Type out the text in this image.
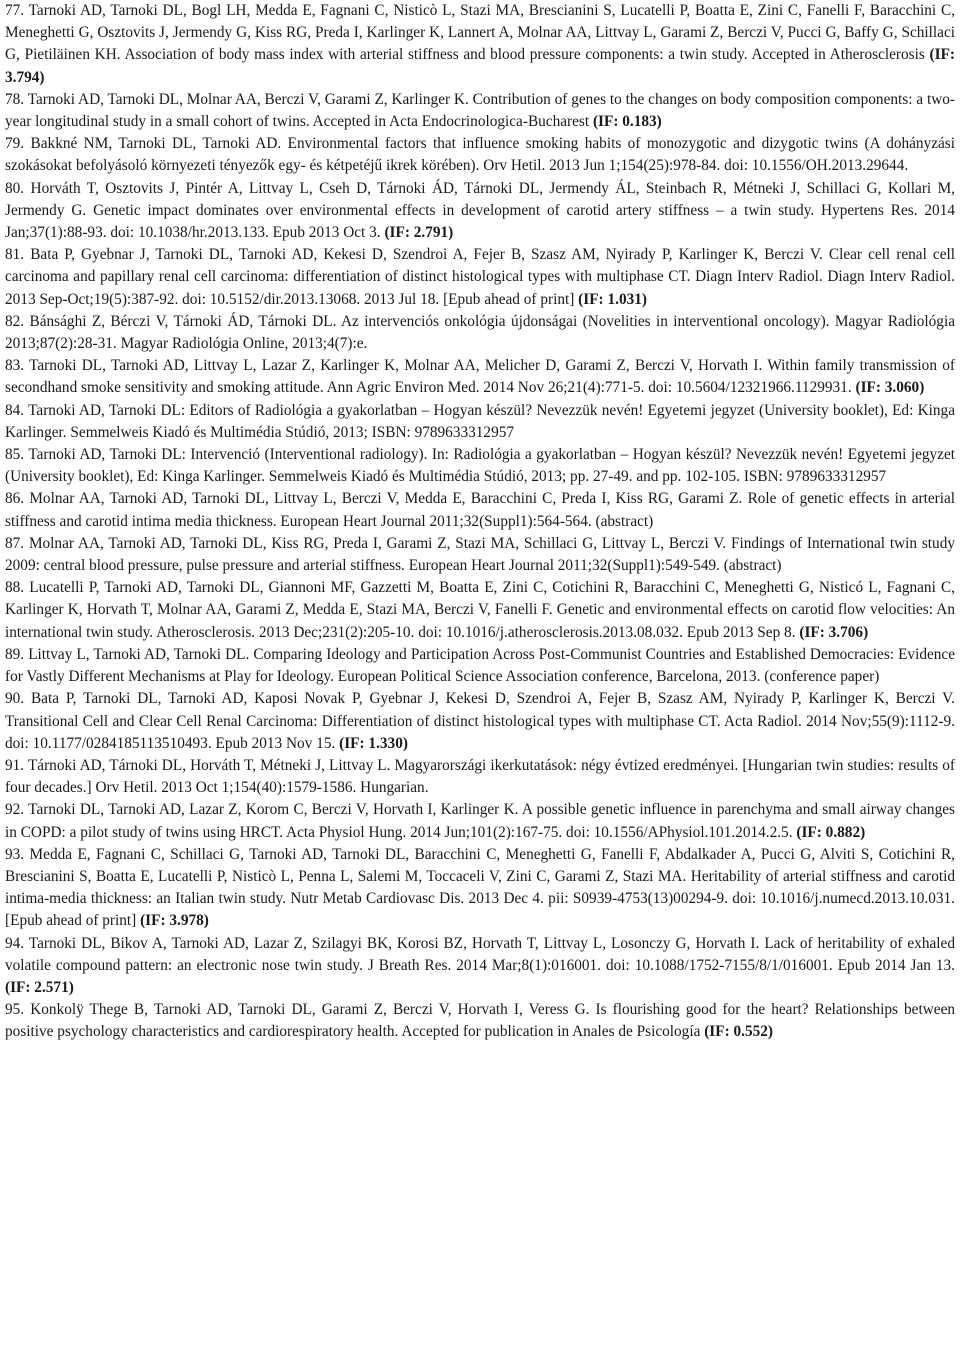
77. Tarnoki AD, Tarnoki DL, Bogl LH, Medda E, Fagnani C, Nisticò L, Stazi MA, Brescianini S, Lucatelli P, Boatta E, Zini C, Fanelli F, Baracchini C, Meneghetti G, Osztovits J, Jermendy G, Kiss RG, Preda I, Karlinger K, Lannert A, Molnar AA, Littvay L, Garami Z, Berczi V, Pucci G, Baffy G, Schillaci G, Pietiläinen KH. Association of body mass index with arterial stiffness and blood pressure components: a twin study. Accepted in Atherosclerosis (IF: 3.794)

78. Tarnoki AD, Tarnoki DL, Molnar AA, Berczi V, Garami Z, Karlinger K. Contribution of genes to the changes on body composition components: a two-year longitudinal study in a small cohort of twins. Accepted in Acta Endocrinologica-Bucharest (IF: 0.183)

79. Bakkné NM, Tarnoki DL, Tarnoki AD. Environmental factors that influence smoking habits of monozygotic and dizygotic twins (A dohányzási szokásokat befolyásoló környezeti tényezők egy- és kétpetéjű ikrek körében). Orv Hetil. 2013 Jun 1;154(25):978-84. doi: 10.1556/OH.2013.29644.

80. Horváth T, Osztovits J, Pintér A, Littvay L, Cseh D, Tárnoki ÁD, Tárnoki DL, Jermendy ÁL, Steinbach R, Métneki J, Schillaci G, Kollari M, Jermendy G. Genetic impact dominates over environmental effects in development of carotid artery stiffness – a twin study. Hypertens Res. 2014 Jan;37(1):88-93. doi: 10.1038/hr.2013.133. Epub 2013 Oct 3. (IF: 2.791)

81. Bata P, Gyebnar J, Tarnoki DL, Tarnoki AD, Kekesi D, Szendroi A, Fejer B, Szasz AM, Nyirady P, Karlinger K, Berczi V. Clear cell renal cell carcinoma and papillary renal cell carcinoma: differentiation of distinct histological types with multiphase CT. Diagn Interv Radiol. Diagn Interv Radiol. 2013 Sep-Oct;19(5):387-92. doi: 10.5152/dir.2013.13068. 2013 Jul 18. [Epub ahead of print] (IF: 1.031)

82. Bánsághi Z, Bérczi V, Tárnoki ÁD, Tárnoki DL. Az intervenciós onkológia újdonságai (Novelities in interventional oncology). Magyar Radiológia 2013;87(2):28-31. Magyar Radiológia Online, 2013;4(7):e.

83. Tarnoki DL, Tarnoki AD, Littvay L, Lazar Z, Karlinger K, Molnar AA, Melicher D, Garami Z, Berczi V, Horvath I. Within family transmission of secondhand smoke sensitivity and smoking attitude. Ann Agric Environ Med. 2014 Nov 26;21(4):771-5. doi: 10.5604/12321966.1129931. (IF: 3.060)

84. Tarnoki AD, Tarnoki DL: Editors of Radiológia a gyakorlatban – Hogyan készül? Nevezzük nevén! Egyetemi jegyzet (University booklet), Ed: Kinga Karlinger. Semmelweis Kiadó és Multimédia Stúdió, 2013; ISBN: 9789633312957

85. Tarnoki AD, Tarnoki DL: Intervenció (Interventional radiology). In: Radiológia a gyakorlatban – Hogyan készül? Nevezzük nevén! Egyetemi jegyzet (University booklet), Ed: Kinga Karlinger. Semmelweis Kiadó és Multimédia Stúdió, 2013; pp. 27-49. and pp. 102-105. ISBN: 9789633312957

86. Molnar AA, Tarnoki AD, Tarnoki DL, Littvay L, Berczi V, Medda E, Baracchini C, Preda I, Kiss RG, Garami Z. Role of genetic effects in arterial stiffness and carotid intima media thickness. European Heart Journal 2011;32(Suppl1):564-564. (abstract)

87. Molnar AA, Tarnoki AD, Tarnoki DL, Kiss RG, Preda I, Garami Z, Stazi MA, Schillaci G, Littvay L, Berczi V. Findings of International twin study 2009: central blood pressure, pulse pressure and arterial stiffness. European Heart Journal 2011;32(Suppl1):549-549. (abstract)

88. Lucatelli P, Tarnoki AD, Tarnoki DL, Giannoni MF, Gazzetti M, Boatta E, Zini C, Cotichini R, Baracchini C, Meneghetti G, Nisticó L, Fagnani C, Karlinger K, Horvath T, Molnar AA, Garami Z, Medda E, Stazi MA, Berczi V, Fanelli F. Genetic and environmental effects on carotid flow velocities: An international twin study. Atherosclerosis. 2013 Dec;231(2):205-10. doi: 10.1016/j.atherosclerosis.2013.08.032. Epub 2013 Sep 8. (IF: 3.706)

89. Littvay L, Tarnoki AD, Tarnoki DL. Comparing Ideology and Participation Across Post-Communist Countries and Established Democracies: Evidence for Vastly Different Mechanisms at Play for Ideology. European Political Science Association conference, Barcelona, 2013. (conference paper)

90. Bata P, Tarnoki DL, Tarnoki AD, Kaposi Novak P, Gyebnar J, Kekesi D, Szendroi A, Fejer B, Szasz AM, Nyirady P, Karlinger K, Berczi V. Transitional Cell and Clear Cell Renal Carcinoma: Differentiation of distinct histological types with multiphase CT. Acta Radiol. 2014 Nov;55(9):1112-9. doi: 10.1177/0284185113510493. Epub 2013 Nov 15. (IF: 1.330)

91. Tárnoki AD, Tárnoki DL, Horváth T, Métneki J, Littvay L. Magyarországi ikerkutatások: négy évtized eredményei. [Hungarian twin studies: results of four decades.] Orv Hetil. 2013 Oct 1;154(40):1579-1586. Hungarian.

92. Tarnoki DL, Tarnoki AD, Lazar Z, Korom C, Berczi V, Horvath I, Karlinger K. A possible genetic influence in parenchyma and small airway changes in COPD: a pilot study of twins using HRCT. Acta Physiol Hung. 2014 Jun;101(2):167-75. doi: 10.1556/APhysiol.101.2014.2.5. (IF: 0.882)

93. Medda E, Fagnani C, Schillaci G, Tarnoki AD, Tarnoki DL, Baracchini C, Meneghetti G, Fanelli F, Abdalkader A, Pucci G, Alviti S, Cotichini R, Brescianini S, Boatta E, Lucatelli P, Nisticò L, Penna L, Salemi M, Toccaceli V, Zini C, Garami Z, Stazi MA. Heritability of arterial stiffness and carotid intima-media thickness: an Italian twin study. Nutr Metab Cardiovasc Dis. 2013 Dec 4. pii: S0939-4753(13)00294-9. doi: 10.1016/j.numecd.2013.10.031. [Epub ahead of print] (IF: 3.978)

94. Tarnoki DL, Bikov A, Tarnoki AD, Lazar Z, Szilagyi BK, Korosi BZ, Horvath T, Littvay L, Losonczy G, Horvath I. Lack of heritability of exhaled volatile compound pattern: an electronic nose twin study. J Breath Res. 2014 Mar;8(1):016001. doi: 10.1088/1752-7155/8/1/016001. Epub 2014 Jan 13. (IF: 2.571)

95. Konkolÿ Thege B, Tarnoki AD, Tarnoki DL, Garami Z, Berczi V, Horvath I, Veress G. Is flourishing good for the heart? Relationships between positive psychology characteristics and cardiorespiratory health. Accepted for publication in Anales de Psicología (IF: 0.552)
